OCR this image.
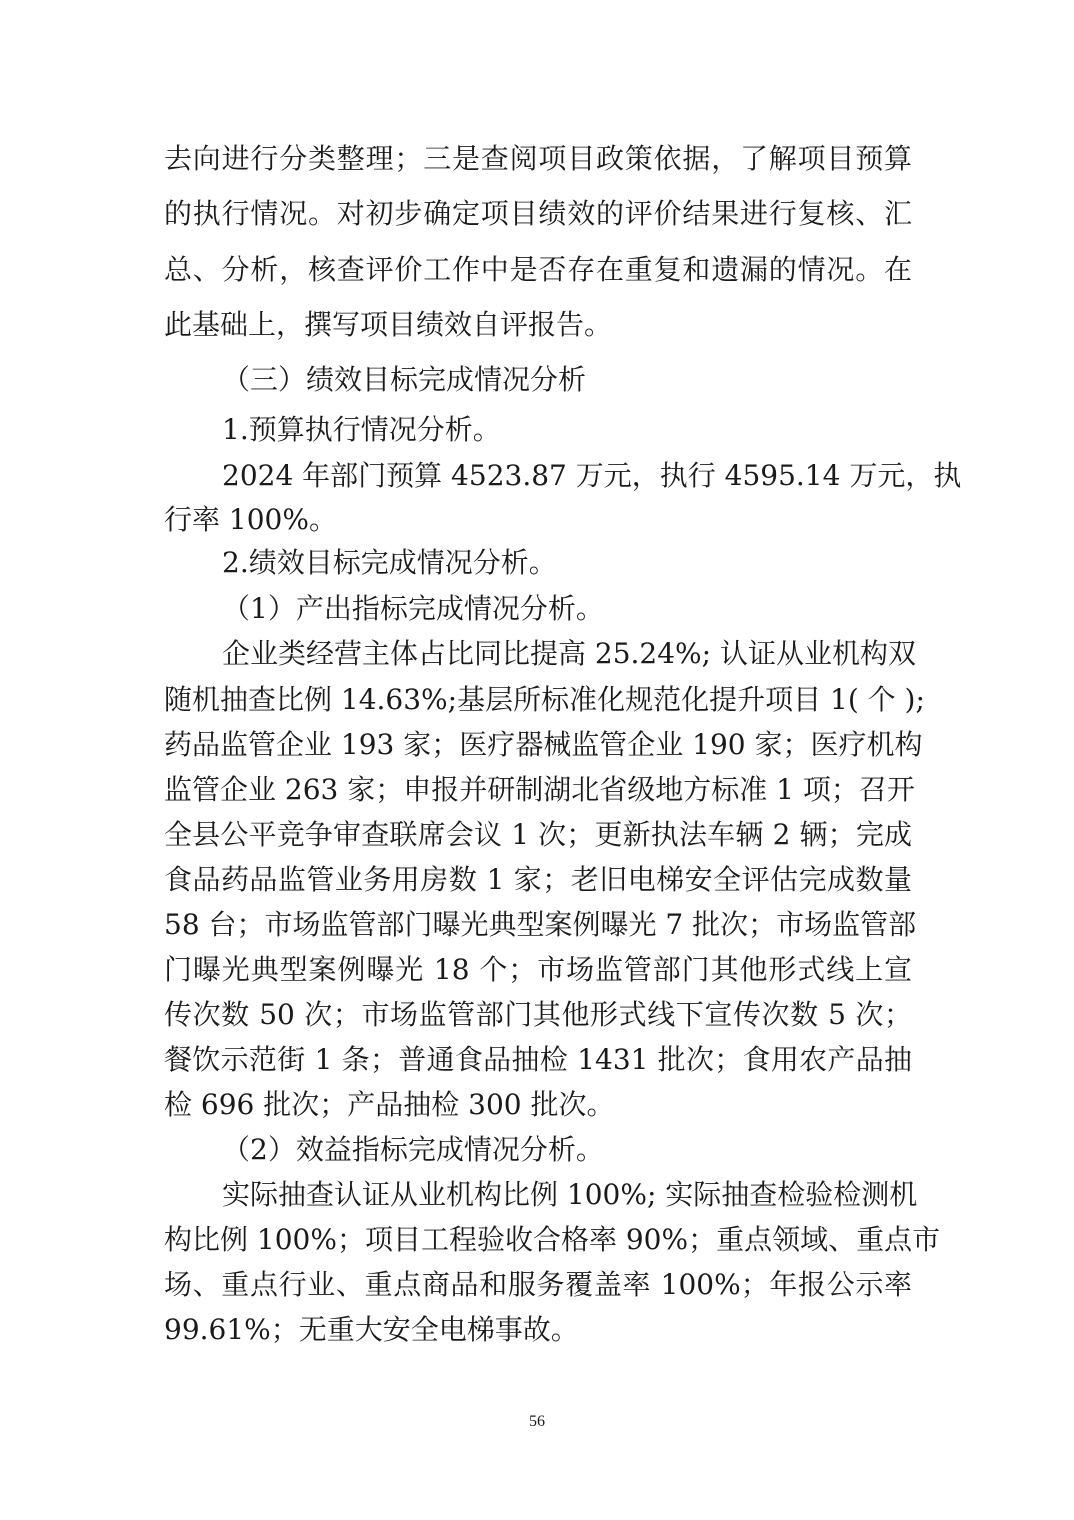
去向进行分类整理；三是查阅项目政策依据，了解项目预算
的执行情况。对初步确定项目绩效的评价结果进行复核、汇
总、分析，核查评价工作中是否存在重复和遗漏的情况。在
此基础上，撰写项目绩效自评报告。
（三）绩效目标完成情况分析
1.预算执行情况分析。
2024 年部门预算 4523.87 万元，执行 4595.14 万元，执
行率 100%。
2.绩效目标完成情况分析。
（1）产出指标完成情况分析。
企业类经营主体占比同比提高 25.24%; 认证从业机构双
随机抽查比例 14.63%;基层所标准化规范化提升项目 1( 个 );
药品监管企业 193 家；医疗器械监管企业 190 家；医疗机构
监管企业 263 家；申报并研制湖北省级地方标准 1 项；召开
全县公平竞争审查联席会议 1 次；更新执法车辆 2 辆；完成
食品药品监管业务用房数 1 家；老旧电梯安全评估完成数量
58 台；市场监管部门曝光典型案例曝光 7 批次；市场监管部
门曝光典型案例曝光 18 个；市场监管部门其他形式线上宣
传次数 50 次；市场监管部门其他形式线下宣传次数 5 次；
餐饮示范街 1 条；普通食品抽检 1431 批次；食用农产品抽
检 696 批次；产品抽检 300 批次。
（2）效益指标完成情况分析。
实际抽查认证从业机构比例 100%; 实际抽查检验检测机
构比例 100%；项目工程验收合格率 90%；重点领域、重点市
场、重点行业、重点商品和服务覆盖率 100%；年报公示率
99.61%；无重大安全电梯事故。
56
